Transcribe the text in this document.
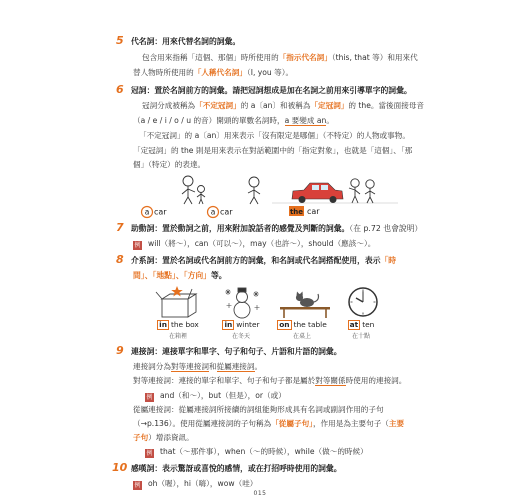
5 代名詞：用來代替名詞的詞彙。
包含用來指稱「這個、那個」時所使用的「指示代名詞」（this, that 等）和用來代
替人物時所使用的「人稱代名詞」（I, you 等）。
6 冠詞：置於名詞前方的詞彙。請把冠詞想成是加在名詞之前用來引導單字的詞彙。
冠詞分成被稱為「不定冠詞」的 a〔an〕和被稱為「定冠詞」的 the。當後面接母音
（a / e / i / o / u 的音）開頭的單數名詞時，a 要變成 an。
「不定冠詞」的 a〔an〕用來表示「沒有限定是哪個」（不特定）的人物或事物。
「定冠詞」的 the 則是用來表示在對話範圍中的「指定對象」，也就是「這個」、「那
個」（特定）的表達。
a car	a car	the car
7 助動詞：置於動詞之前，用來附加說話者的感覺及判斷的詞彙。（在 p.72 也會說明）
例 will（將～），can（可以～），may（也許～），should（應該～）。
8 介系詞：置於名詞或代名詞前方的詞彙，和名詞或代名詞搭配使用，表示「時
間」、「地點」、「方向」等。
in the box
在箱裡
in winter
在冬天
on the table
在桌上
at ten
在十點
9 連接詞：連接單字和單字、句子和句子、片語和片語的詞彙。
連接詞分為對等連接詞和從屬連接詞。
對等連接詞：連接的單字和單字、句子和句子都是屬於對等關係時使用的連接詞。
例 and（和～），but（但是），or（或）
從屬連接詞：從屬連接詞所接續的詞組能夠形成具有名詞或副詞作用的子句
（→p.136）。使用從屬連接詞的子句稱為「從屬子句」，作用是為主要句子（主要
子句）增添資訊。
例 that（～那件事），when（～的時候），while（做～的時候）
10 感嘆詞：表示驚訝或喜悅的感情，或在打招呼時使用的詞彙。
例 oh（喔），hi（嗨），wow（哇）
015
